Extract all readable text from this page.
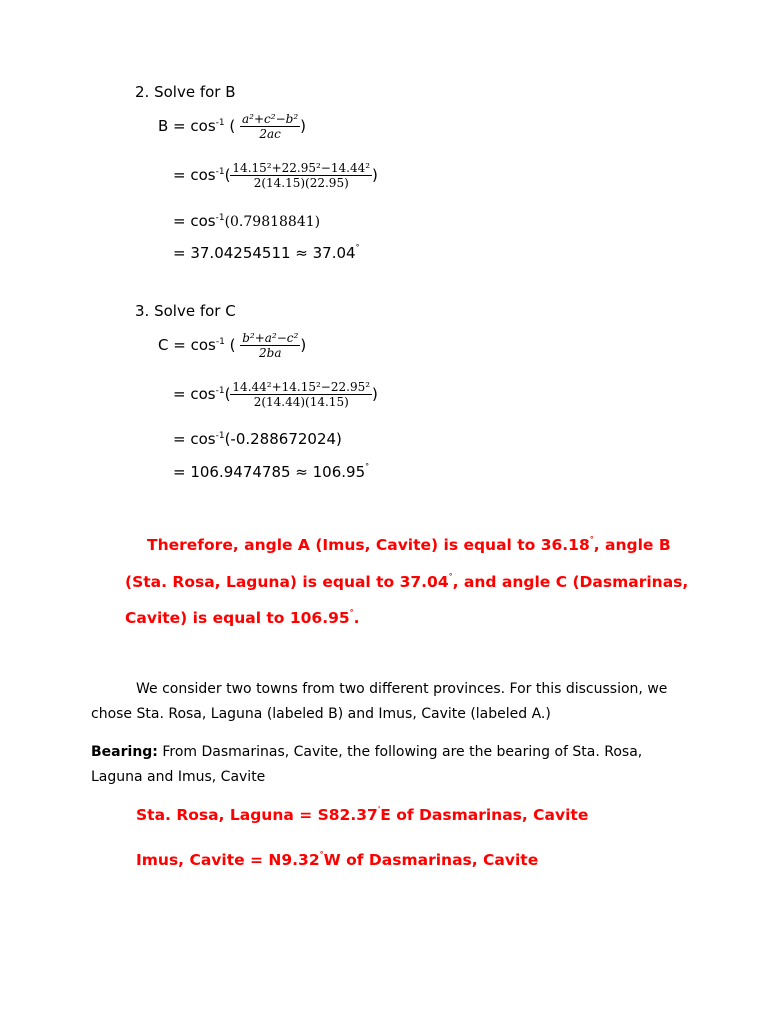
2. Solve for B
$B = \cos^{-1}$ ( $\frac{\text{a²+c²−b²}}{2ac}$ )
= $\cos^{-1}( \frac{\text{14.15²+22.95²−14.44²}}{2(14.15)(22.95)}$ )
= $\cos^{-1}(0.79818841)$
= 37.04254511 ≈ 37.04°
3. Solve for C
$C = \cos^{-1}$ ( $\frac{\text{b²+a²−c²}}{2ba}$ )
= $\cos^{-1}( \frac{\text{14.44²+14.15²−22.95²}}{2(14.44)(14.15)}$ )
= $\cos^{-1}(-0.288672024)$
= 106.9474785 ≈ 106.95°
Therefore, angle A (Imus, Cavite) is equal to 36.18°, angle B
(Sta. Rosa, Laguna) is equal to 37.04°, and angle C (Dasmarinas,
Cavite) is equal to 106.95°.
We consider two towns from two different provinces. For this discussion, we
chose Sta. Rosa, Laguna (labeled B) and Imus, Cavite (labeled A.)
Bearing: From Dasmarinas, Cavite, the following are the bearing of Sta. Rosa,
Laguna and Imus, Cavite
Sta. Rosa, Laguna = S82.37'E of Dasmarinas, Cavite
Imus, Cavite = N9.32°W of Dasmarinas, Cavite
